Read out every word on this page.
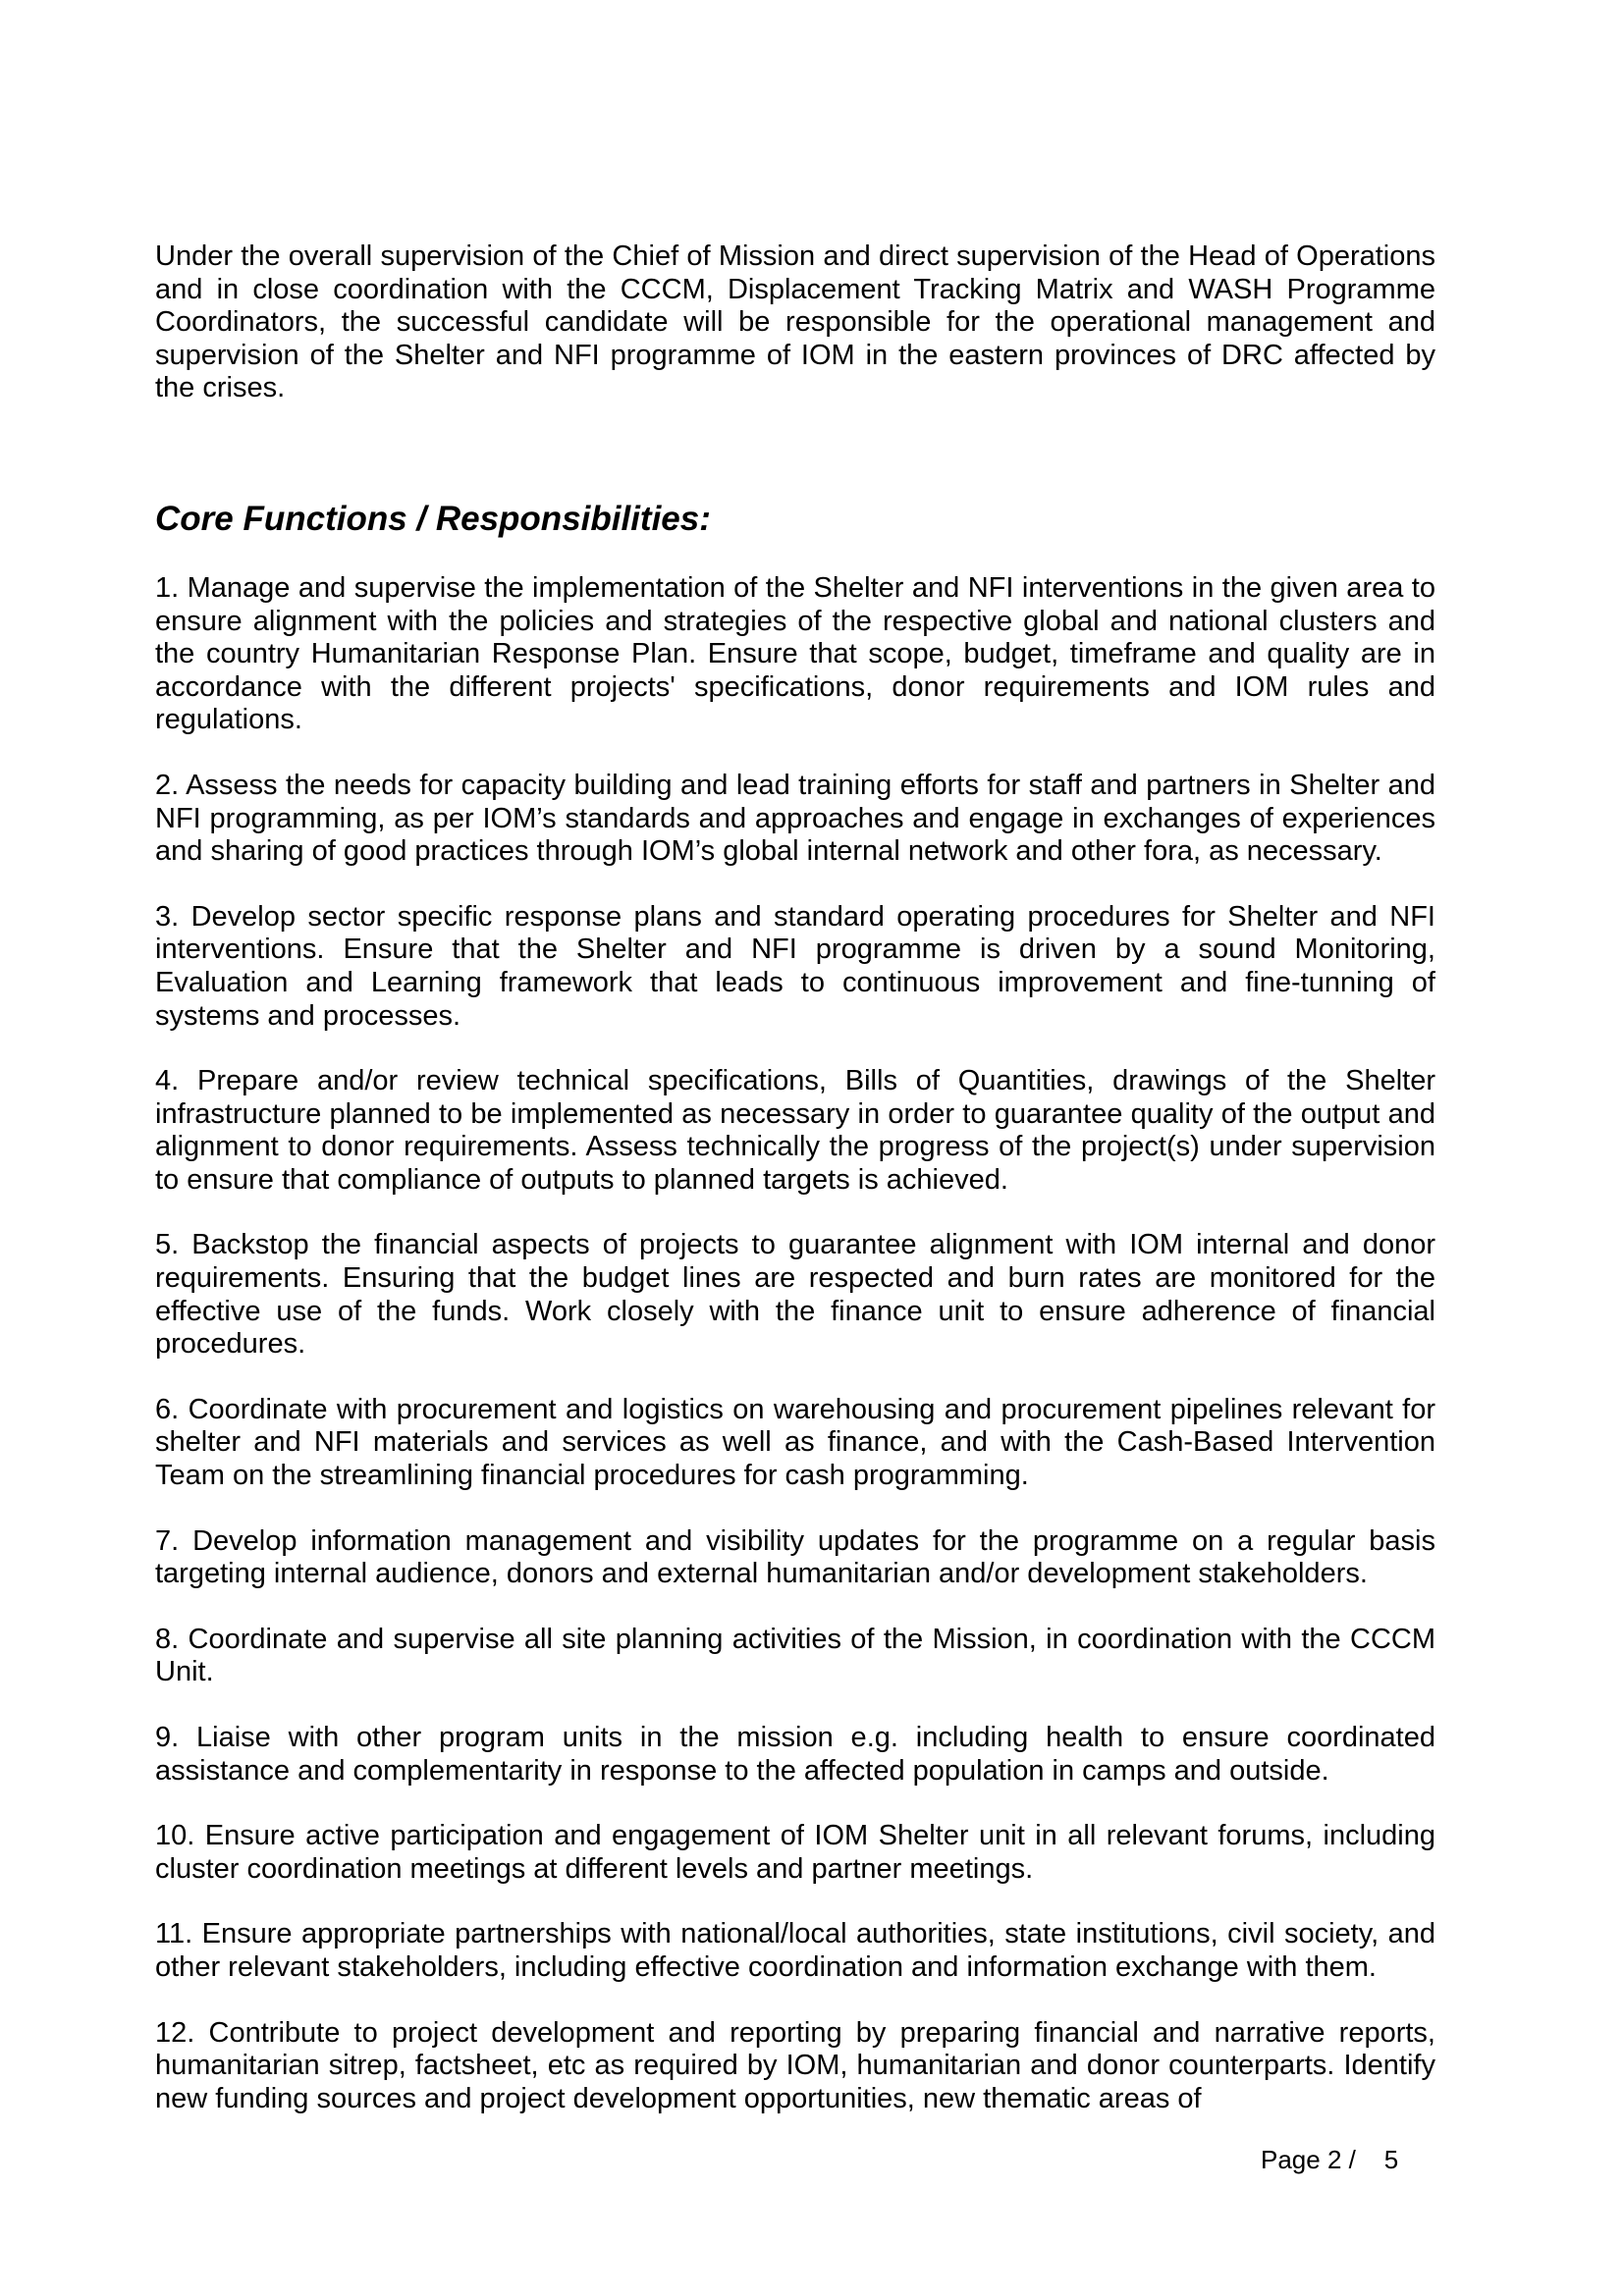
Under the overall supervision of the Chief of Mission and direct supervision of the Head of Operations and in close coordination with the CCCM, Displacement Tracking Matrix and WASH Programme Coordinators, the successful candidate will be responsible for the operational management and supervision of the Shelter and NFI programme of IOM in the eastern provinces of DRC affected by the crises.

Core Functions / Responsibilities:

1. Manage and supervise the implementation of the Shelter and NFI interventions in the given area to ensure alignment with the policies and strategies of the respective global and national clusters and the country Humanitarian Response Plan. Ensure that scope, budget, timeframe and quality are in accordance with the different projects' specifications, donor requirements and IOM rules and regulations.

2. Assess the needs for capacity building and lead training efforts for staff and partners in Shelter and NFI programming, as per IOM’s standards and approaches and engage in exchanges of experiences and sharing of good practices through IOM’s global internal network and other fora, as necessary.

3. Develop sector specific response plans and standard operating procedures for Shelter and NFI interventions. Ensure that the Shelter and NFI programme is driven by a sound Monitoring, Evaluation and Learning framework that leads to continuous improvement and fine-tunning of systems and processes.

4. Prepare and/or review technical specifications, Bills of Quantities, drawings of the Shelter infrastructure planned to be implemented as necessary in order to guarantee quality of the output and alignment to donor requirements. Assess technically the progress of the project(s) under supervision to ensure that compliance of outputs to planned targets is achieved.

5. Backstop the financial aspects of projects to guarantee alignment with IOM internal and donor requirements. Ensuring that the budget lines are respected and burn rates are monitored for the effective use of the funds. Work closely with the finance unit to ensure adherence of financial procedures.

6. Coordinate with procurement and logistics on warehousing and procurement pipelines relevant for shelter and NFI materials and services as well as finance, and with the Cash-Based Intervention Team on the streamlining financial procedures for cash programming.

7. Develop information management and visibility updates for the programme on a regular basis targeting internal audience, donors and external humanitarian and/or development stakeholders.

8. Coordinate and supervise all site planning activities of the Mission, in coordination with the CCCM Unit.

9. Liaise with other program units in the mission e.g. including health to ensure coordinated assistance and complementarity in response to the affected population in camps and outside.

10. Ensure active participation and engagement of IOM Shelter unit in all relevant forums, including cluster coordination meetings at different levels and partner meetings.

11. Ensure appropriate partnerships with national/local authorities, state institutions, civil society, and other relevant stakeholders, including effective coordination and information exchange with them.

12. Contribute to project development and reporting by preparing financial and narrative reports, humanitarian sitrep, factsheet, etc as required by IOM, humanitarian and donor counterparts. Identify new funding sources and project development opportunities, new thematic areas of

Page 2 /    5
